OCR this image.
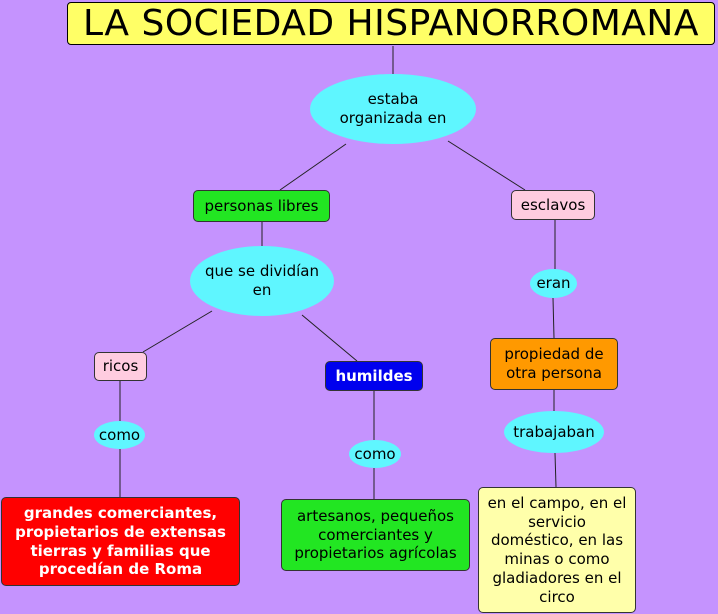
LA SOCIEDAD HISPANORROMANA
estaba organizada en
personas libres	esclavos
que se dividían en	eran
ricos
humildes
propiedad de otra persona
como
como
trabajaban
grandes comerciantes, propietarios de extensas tierras y familias que procedían de Roma
artesanos, pequeños comerciantes y propietarios agrícolas
en el campo, en el servicio doméstico, en las minas o como gladiadores en el circo
